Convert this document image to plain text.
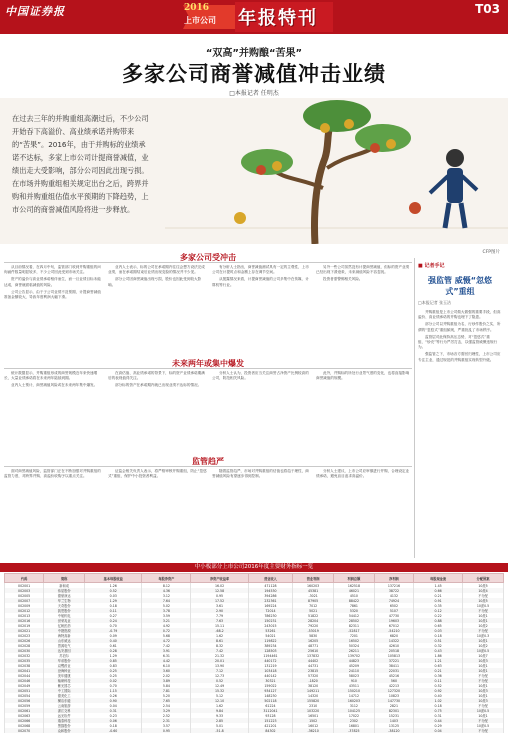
中国证券报	2016
上市公司 年报特刊	T03
“双高”并购酿“苦果”
多家公司商誉减值冲击业绩
□本报记者 任明杰
在过去三年的并购重组高潮过后，不少公司开始吞下高溢价、高业绩承诺并购带来的“苦果”。2016年，由于并购标的业绩承诺不达标，多家上市公司计提商誉减值，业绩出走大受影响，部分公司因此出现亏损。在市场并购重组相关规定出台之后，跨界并购和并购重组估值水平预期的下降趋势，上市公司的商誉减值风险将进一步释放。
CFP图片
多家公司受冲击

从目前情况看，在四月中旬，监管部门收到并购重组的问询函件数量明显较多，不少公司因此受到市场关注。

资产的溢价与高业绩承诺相伴而生，而一旦业绩目标未能达成，商誉就面临减值的风险。

公司公告显示，由于子公司业绩不及预期，计提商誉减值准备金额较大，导致年度利润大幅下滑。

业内人士表示，标的公司在承诺期内往往会想方设法完成业绩，而在承诺期结束后业绩出现变脸的情况并不少见。

部分公司因商誉减值出现亏损，股价也因此受到较大影响。

有分析人士指出，商誉减值测试具有一定的主观性，上市公司在计提时点和金额上存在调节空间。

从披露情况来看，计提商誉减值的公司多集中在传媒、计算机等行业。

另外一些公司虽然没有计提商誉减值，但标的资产业绩已经出现下滑迹象，未来减值风险不容忽视。

投资者需警惕相关风险。

未来两年或集中爆发

统计数据显示，并购重组形成的商誉规模近年来快速增长，大量业绩承诺将在未来两年陆续到期。

业内人士预计，商誉减值风险或在未来两年集中爆发。

在高估值、高业绩承诺的背景下，标的资产业绩承诺期满后的表现值得关注。

部分标的资产在承诺期内就已出现业绩不达标的情况。

分析人士认为，投资者应当关注商誉占净资产比例较高的公司，防范相关风险。

此外，并购标的所处行业景气度的变化，也将直接影响商誉减值的规模。

监管趋严

面对商誉减值风险，监管部门正在不断加强对并购重组的监管力度，对跨界并购、高溢价收购予以重点关注。

证监会相关负责人表示，将严格审核并购重组，防止“忽悠式”重组，保护中小投资者利益。

随着监管趋严，市场对并购重组的估值也将趋于理性，商誉减值风险有望逐步得到控制。

分析人士建议，上市公司应审慎进行并购，合理设定业绩承诺，避免盲目追求高溢价。

■ 记者手记
强监管 威慑“忽悠式”重组
□本报记者 张玉洁

并购重组是上市公司做大做强的重要手段，但高溢价、高业绩承诺的并购也埋下了隐患。

部分公司以并购重组为名，行炒作股价之实，所谓的“忽悠式”重组频现，严重扰乱了市场秩序。

监管层对此保持高压态势，对“忽悠式”重组、“炒壳”等行为严厉打击，以强监管威慑违规行为。

强监管之下，市场各方需回归理性，上市公司应专注主业，通过规范的并购重组实现转型升级。

中小板部分上市公司2016年度主要财务指标一览
代码	简称	基本每股收益	每股净资产	净资产收益率	营业收入	营业利润	利润总额	净利润	每股现金流	分配预案
002001	新和成	1.26	8.12	16.02	471128	160203	162518	137216	1.45	10派5
002003	伟星股份	0.52	4.36	12.58	194530	45381	46021	38722	0.66	10派4
002005	德豪润达	0.03	3.12	0.95	394286	-3021	4510	4132	0.21	不分配
002007	华兰生物	1.29	7.64	17.52	232361	87905	88422	74924	0.91	10派5
002009	天奇股份	0.18	5.02	3.61	169224	7012	7861	6502	0.35	10派0.5
002012	凯恩股份	0.11	3.78	2.90	72014	5021	5320	5107	0.12	不分配
002013	中航机电	0.27	3.59	7.79	786230	51822	54412	47730	0.22	10派1
002016	世荣兆业	0.24	3.21	7.63	150231	28204	28502	19603	0.88	10派1
002019	亿帆医药	0.70	4.92	15.11	243015	79220	82311	67012	0.65	10派2
002021	中捷资源	-0.79	0.72	-68.2	53261	-53019	-52817	-54210	0.03	不分配
002023	海特高新	0.09	5.68	1.62	54021	5830	7201	6820	0.18	10派0.3
002026	山东威达	0.40	4.72	8.61	119822	16205	16502	14322	0.51	10派1
002028	思源电气	0.61	7.42	8.32	389234	48771	50324	42610	0.32	10派2
002030	达安基因	0.28	3.91	7.42	128503	25610	26211	20518	0.43	10派0.5
002032	苏泊尔	1.29	6.31	21.32	1194461	137832	139702	105813	1.86	10派7
002035	华帝股份	0.85	4.42	20.01	440172	44402	44823	37221	1.21	10派3
002038	双鹭药业	0.83	6.10	13.90	131219	44731	45209	38411	0.63	10派1
002041	登海种业	0.25	3.60	7.12	103418	23815	24110	22031	0.21	10派1
002044	美年健康	0.25	2.02	12.73	440142	57320	58023	45216	0.36	不分配
002046	轴研科技	0.02	3.89	0.52	30321	-1820	910	560	0.11	不分配
002049	紫光国芯	0.70	5.84	12.49	159022	38120	43511	42213	0.52	10派1
002051	中工国际	1.15	7.81	15.32	934127	149211	150210	127320	0.92	10派3
002054	德美化工	0.26	5.20	5.12	148230	14320	14712	10823	0.40	10派1
002056	横店东磁	0.90	7.65	12.10	502118	155820	160203	147730	1.02	10派3
002059	云南旅游	0.04	2.54	1.62	61224	2310	3112	2821	0.18	不分配
002061	浙江交科	0.31	3.29	9.84	3112041	103220	104125	82301	0.75	10派0.5
002063	远光软件	0.23	2.52	9.33	93128	16501	17022	15231	0.31	10派1
002066	瑞泰科技	0.06	2.31	2.85	151223	1502	2302	1403	0.44	不分配
002068	黑猫股份	0.18	3.57	5.01	421201	16012	16801	13125	0.29	10派0.5
002070	众和股份	-0.60	0.95	-51.8	84302	-36210	-37825	-38120	0.04	不分配
